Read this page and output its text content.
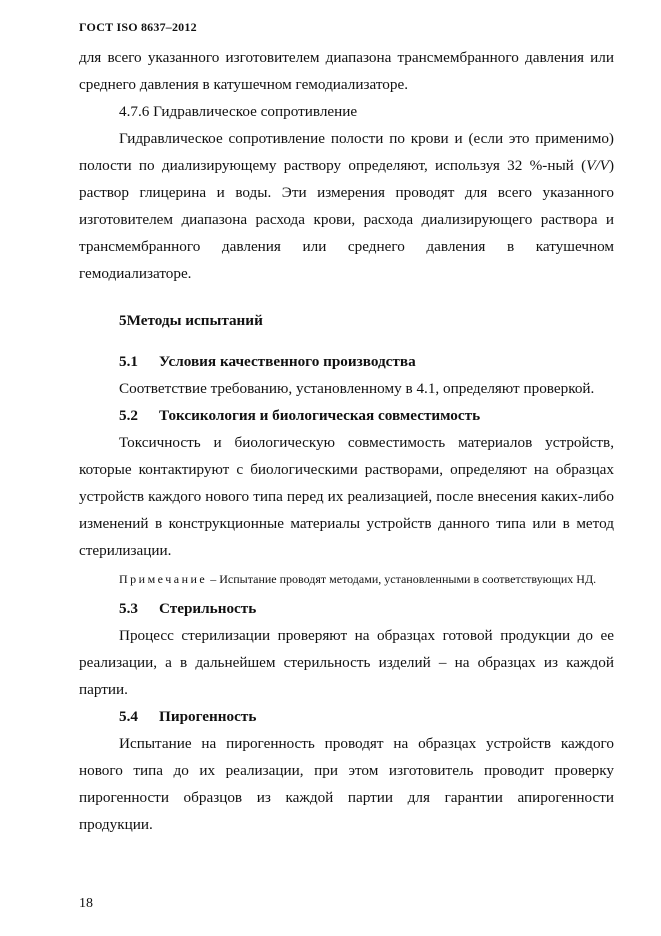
ГОСТ ISO 8637–2012

для всего указанного изготовителем диапазона трансмембранного давления или среднего давления в катушечном гемодиализаторе.

4.7.6 Гидравлическое сопротивление

Гидравлическое сопротивление полости по крови и (если это применимо) полости по диализирующему раствору определяют, используя 32 %-ный (V/V) раствор глицерина и воды. Эти измерения проводят для всего указанного изготовителем диапазона расхода крови, расхода диализирующего раствора и трансмембранного давления или среднего давления в катушечном гемодиализаторе.

5Методы испытаний
5.1 Условия качественного производства

Соответствие требованию, установленному в 4.1, определяют проверкой.

5.2 Токсикология и биологическая совместимость

Токсичность и биологическую совместимость материалов устройств, которые контактируют с биологическими растворами, определяют на образцах устройств каждого нового типа перед их реализацией, после внесения каких-либо изменений в конструкционные материалы устройств данного типа или в метод стерилизации.

Примечание – Испытание проводят методами, установленными в соответствующих НД.

5.3 Стерильность

Процесс стерилизации проверяют на образцах готовой продукции до ее реализации, а в дальнейшем стерильность изделий – на образцах из каждой партии.

5.4 Пирогенность

Испытание на пирогенность проводят на образцах устройств каждого нового типа до их реализации, при этом изготовитель проводит проверку пирогенности образцов из каждой партии для гарантии апирогенности продукции.

18
